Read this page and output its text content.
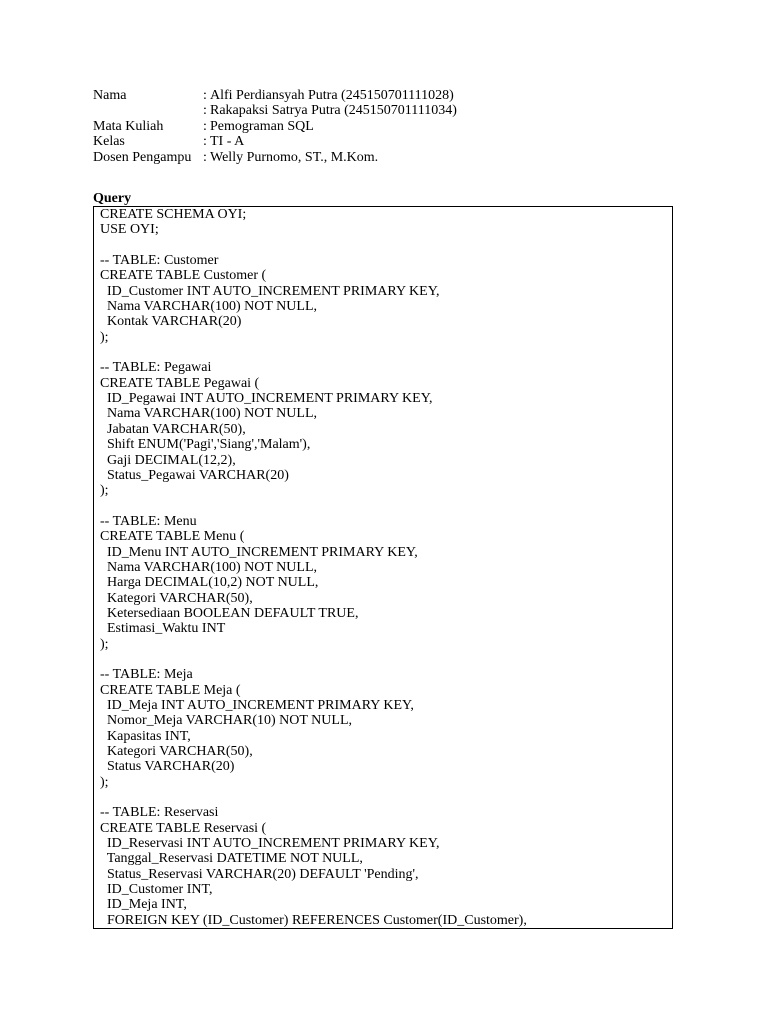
Nama	: Alfi Perdiansyah Putra (245150701111028)

: Rakapaksi Satrya Putra (245150701111034)
Mata Kuliah	: Pemograman SQL
Kelas	: TI - A
Dosen Pengampu : Welly Purnomo, ST., M.Kom.
Query
CREATE SCHEMA OYI;
USE OYI;

-- TABLE: Customer
CREATE TABLE Customer (
ID_Customer INT AUTO_INCREMENT PRIMARY KEY,
Nama VARCHAR(100) NOT NULL,
Kontak VARCHAR(20)
);

-- TABLE: Pegawai
CREATE TABLE Pegawai (
ID_Pegawai INT AUTO_INCREMENT PRIMARY KEY,
Nama VARCHAR(100) NOT NULL,
Jabatan VARCHAR(50),
Shift ENUM('Pagi','Siang','Malam'),
Gaji DECIMAL(12,2),
Status_Pegawai VARCHAR(20)
);

-- TABLE: Menu
CREATE TABLE Menu (
ID_Menu INT AUTO_INCREMENT PRIMARY KEY,
Nama VARCHAR(100) NOT NULL,
Harga DECIMAL(10,2) NOT NULL,
Kategori VARCHAR(50),
Ketersediaan BOOLEAN DEFAULT TRUE,
Estimasi_Waktu INT
);

-- TABLE: Meja
CREATE TABLE Meja (
ID_Meja INT AUTO_INCREMENT PRIMARY KEY,
Nomor_Meja VARCHAR(10) NOT NULL,
Kapasitas INT,
Kategori VARCHAR(50),
Status VARCHAR(20)
);

-- TABLE: Reservasi
CREATE TABLE Reservasi (
ID_Reservasi INT AUTO_INCREMENT PRIMARY KEY,
Tanggal_Reservasi DATETIME NOT NULL,
Status_Reservasi VARCHAR(20) DEFAULT 'Pending',
ID_Customer INT,
ID_Meja INT,
FOREIGN KEY (ID_Customer) REFERENCES Customer(ID_Customer),
